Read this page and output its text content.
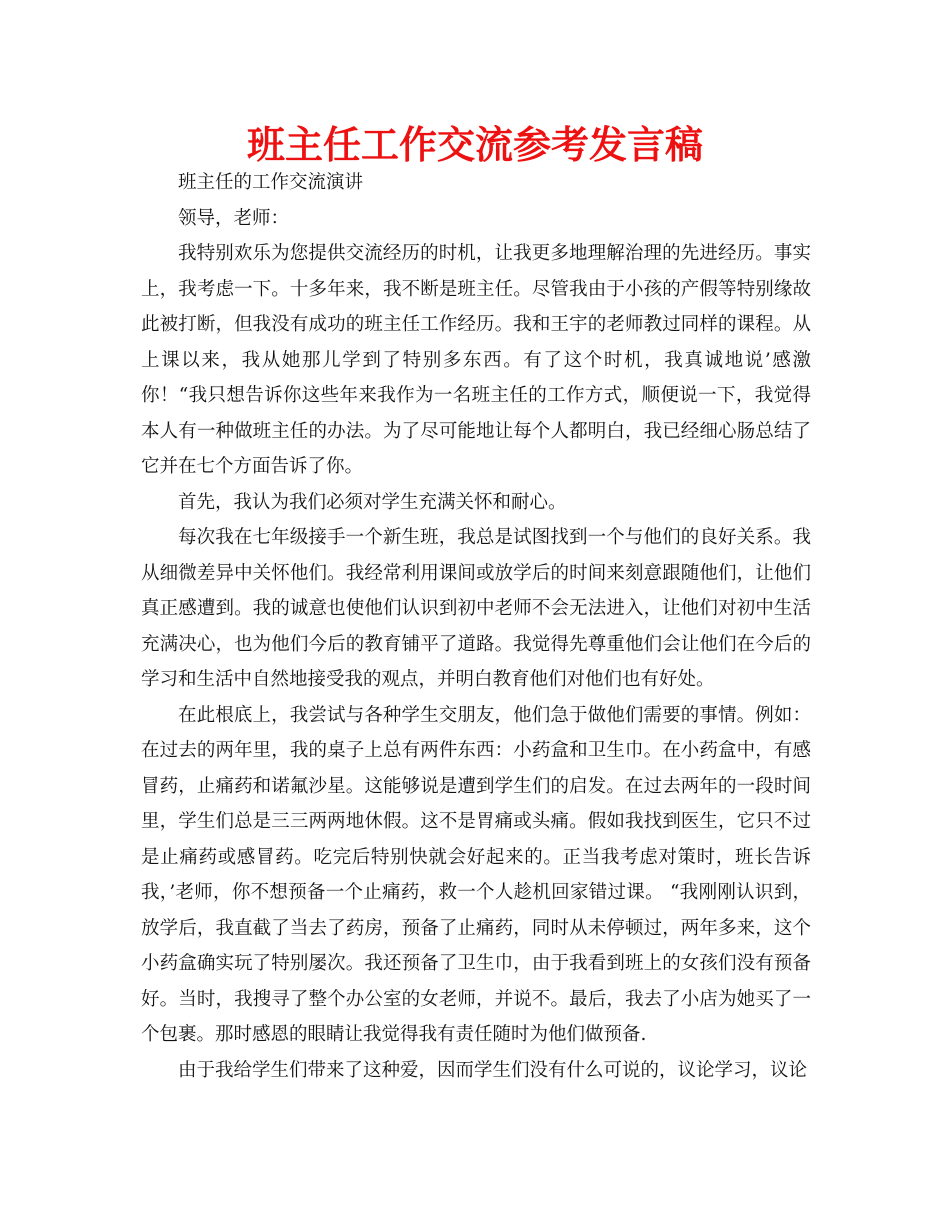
班主任工作交流参考发言稿

班主任的工作交流演讲

领导，老师：

我特别欢乐为您提供交流经历的时机，让我更多地理解治理的先进经历。事实上，我考虑一下。十多年来，我不断是班主任。尽管我由于小孩的产假等特别缘故此被打断，但我没有成功的班主任工作经历。我和王宇的老师教过同样的课程。从上课以来，我从她那儿学到了特别多东西。有了这个时机，我真诚地说’感激你！“我只想告诉你这些年来我作为一名班主任的工作方式，顺便说一下，我觉得本人有一种做班主任的办法。为了尽可能地让每个人都明白，我已经细心肠总结了它并在七个方面告诉了你。

首先，我认为我们必须对学生充满关怀和耐心。

每次我在七年级接手一个新生班，我总是试图找到一个与他们的良好关系。我从细微差异中关怀他们。我经常利用课间或放学后的时间来刻意跟随他们，让他们真正感遭到。我的诚意也使他们认识到初中老师不会无法进入，让他们对初中生活充满决心，也为他们今后的教育铺平了道路。我觉得先尊重他们会让他们在今后的学习和生活中自然地接受我的观点，并明白教育他们对他们也有好处。

在此根底上，我尝试与各种学生交朋友，他们急于做他们需要的事情。例如：在过去的两年里，我的桌子上总有两件东西：小药盒和卫生巾。在小药盒中，有感冒药，止痛药和诺氟沙星。这能够说是遭到学生们的启发。在过去两年的一段时间里，学生们总是三三两两地休假。这不是胃痛或头痛。假如我找到医生，它只不过是止痛药或感冒药。吃完后特别快就会好起来的。正当我考虑对策时，班长告诉我，’老师，你不想预备一个止痛药，救一个人趁机回家错过课。 “我刚刚认识到，放学后，我直截了当去了药房，预备了止痛药，同时从未停顿过，两年多来，这个小药盒确实玩了特别屡次。我还预备了卫生巾，由于我看到班上的女孩们没有预备好。当时，我搜寻了整个办公室的女老师，并说不。最后，我去了小店为她买了一个包裹。那时感恩的眼睛让我觉得我有责任随时为他们做预备.

由于我给学生们带来了这种爱，因而学生们没有什么可说的，议论学习，议论
